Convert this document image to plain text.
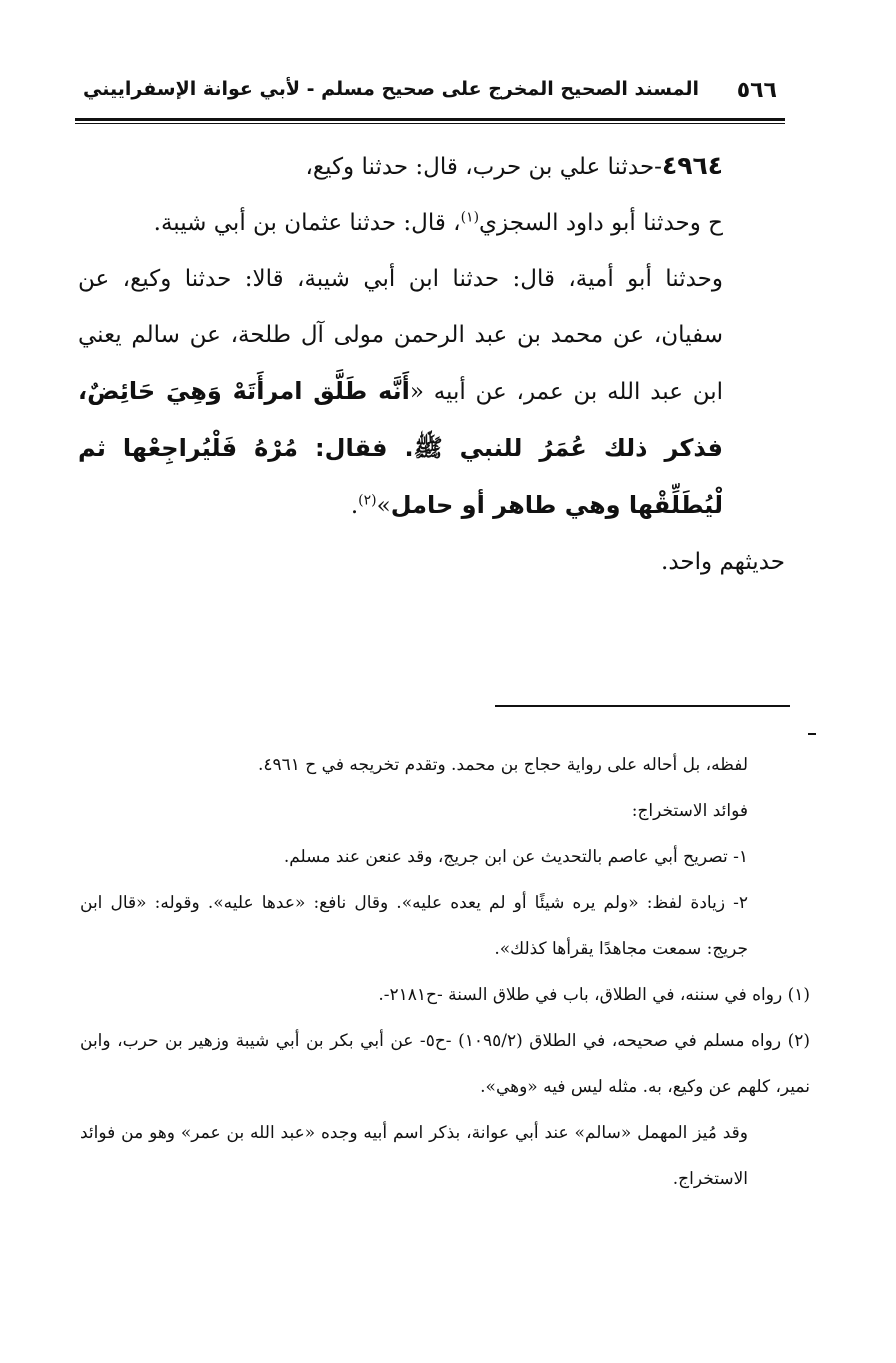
٥٦٦
المسند الصحيح المخرج على صحيح مسلم - لأبي عوانة الإسفراييني

٤٩٦٤-حدثنا علي بن حرب، قال: حدثنا وكيع،

ح وحدثنا أبو داود السجزي$^{(١)}$، قال: حدثنا عثمان بن أبي شيبة.

وحدثنا أبو أمية، قال: حدثنا ابن أبي شيبة، قالا: حدثنا وكيع، عن سفيان، عن محمد بن عبد الرحمن مولى آل طلحة، عن سالم يعني ابن عبد الله بن عمر، عن أبيه «أَنَّه طَلَّق امرأَتَهْ وَهِيَ حَائِضٌ، فذكر ذلك عُمَرُ للنبي ﷺ. فقال: مُرْهُ فَلْيُراجِعْها ثم لْيُطَلِّقْها وهي طاهر أو حامل»$^{(٢)}$.

حديثهم واحد.

لفظه، بل أحاله على رواية حجاج بن محمد. وتقدم تخريجه في ح ٤٩٦١.

فوائد الاستخراج:

١- تصريح أبي عاصم بالتحديث عن ابن جريج، وقد عنعن عند مسلم.

٢- زيادة لفظ: «ولم يره شيئًا أو لم يعده عليه». وقال نافع: «عدها عليه». وقوله: «قال ابن جريج: سمعت مجاهدًا يقرأها كذلك».

(١) رواه في سننه، في الطلاق، باب في طلاق السنة -ح٢١٨١-.

(٢) رواه مسلم في صحيحه، في الطلاق (١٠٩٥/٢) -ح٥- عن أبي بكر بن أبي شيبة وزهير بن حرب، وابن نمير، كلهم عن وكيع، به. مثله ليس فيه «وهي».

وقد مُيز المهمل «سالم» عند أبي عوانة، بذكر اسم أبيه وجده «عبد الله بن عمر» وهو من فوائد الاستخراج.
